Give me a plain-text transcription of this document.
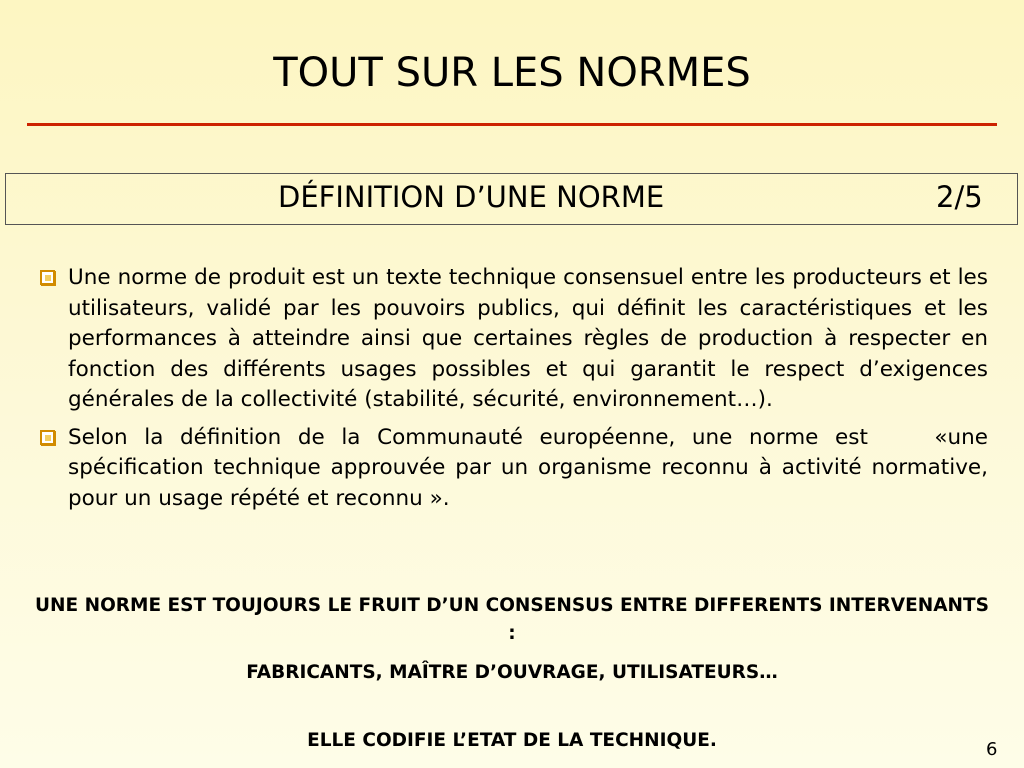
TOUT SUR LES NORMES
DÉFINITION D’UNE NORME	2/5
Une norme de produit est un texte technique consensuel entre les producteurs et les utilisateurs, validé par les pouvoirs publics, qui définit les caractéristiques et les performances à atteindre ainsi que certaines règles de production à respecter en fonction des différents usages possibles et qui garantit le respect d’exigences générales de la collectivité (stabilité, sécurité, environnement…).
Selon la définition de la Communauté européenne, une norme est    «une spécification technique approuvée par un organisme reconnu à activité normative, pour un usage répété et reconnu ».
UNE NORME EST TOUJOURS LE FRUIT D’UN CONSENSUS ENTRE DIFFERENTS INTERVENANTS :
FABRICANTS, MAÎTRE D’OUVRAGE, UTILISATEURS…
ELLE CODIFIE L’ETAT DE LA TECHNIQUE.	6
